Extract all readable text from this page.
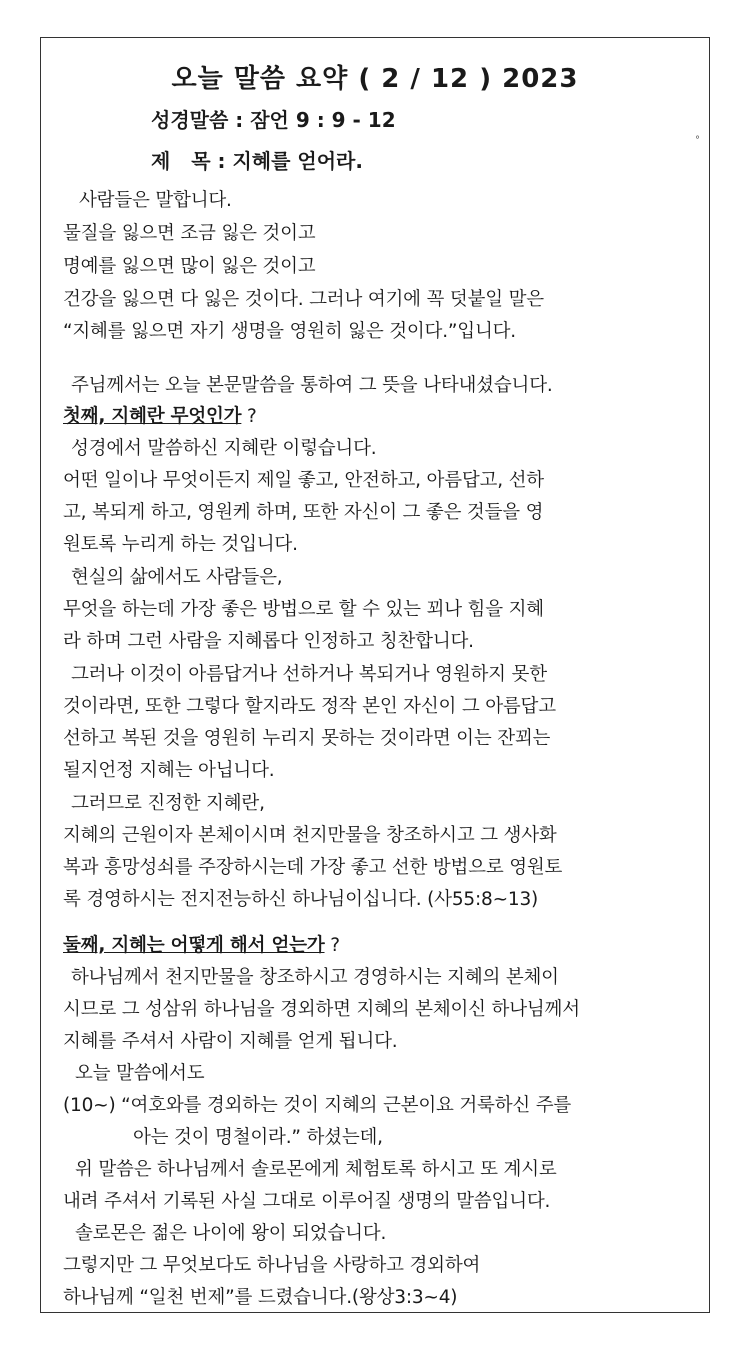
오늘 말씀 요약 ( 2 / 12 ) 2023
성경말씀 : 잠언 9 : 9 - 12
제   목 : 지혜를 얻어라.
°
사람들은 말합니다.
물질을 잃으면 조금 잃은 것이고
명예를 잃으면 많이 잃은 것이고
건강을 잃으면 다 잃은 것이다. 그러나 여기에 꼭 덧붙일 말은
“지혜를 잃으면 자기 생명을 영원히 잃은 것이다.”입니다.
주님께서는 오늘 본문말씀을 통하여 그 뜻을 나타내셨습니다.
첫째, 지혜란 무엇인가 ?
성경에서 말씀하신 지혜란 이렇습니다.
어떤 일이나 무엇이든지 제일 좋고, 안전하고, 아름답고, 선하
고, 복되게 하고, 영원케 하며, 또한 자신이 그 좋은 것들을 영
원토록 누리게 하는 것입니다.
현실의 삶에서도 사람들은,
무엇을 하는데 가장 좋은 방법으로 할 수 있는 꾀나 힘을 지혜
라 하며 그런 사람을 지혜롭다 인정하고 칭찬합니다.
그러나 이것이 아름답거나 선하거나 복되거나 영원하지 못한
것이라면, 또한 그렇다 할지라도 정작 본인 자신이 그 아름답고
선하고 복된 것을 영원히 누리지 못하는 것이라면 이는 잔꾀는
될지언정 지혜는 아닙니다.
그러므로 진정한 지혜란,
지혜의 근원이자 본체이시며 천지만물을 창조하시고 그 생사화
복과 흥망성쇠를 주장하시는데 가장 좋고 선한 방법으로 영원토
록 경영하시는 전지전능하신 하나님이십니다. (사55:8~13)
둘째, 지혜는 어떻게 해서 얻는가 ?
하나님께서 천지만물을 창조하시고 경영하시는 지혜의 본체이
시므로 그 성삼위 하나님을 경외하면 지혜의 본체이신 하나님께서
지혜를 주셔서 사람이 지혜를 얻게 됩니다.
오늘 말씀에서도
(10~) “여호와를 경외하는 것이 지혜의 근본이요 거룩하신 주를
아는 것이 명철이라.” 하셨는데,
위 말씀은 하나님께서 솔로몬에게 체험토록 하시고 또 계시로
내려 주셔서 기록된 사실 그대로 이루어질 생명의 말씀입니다.
솔로몬은 젊은 나이에 왕이 되었습니다.
그렇지만 그 무엇보다도 하나님을 사랑하고 경외하여
하나님께 “일천 번제”를 드렸습니다.(왕상3:3~4)
